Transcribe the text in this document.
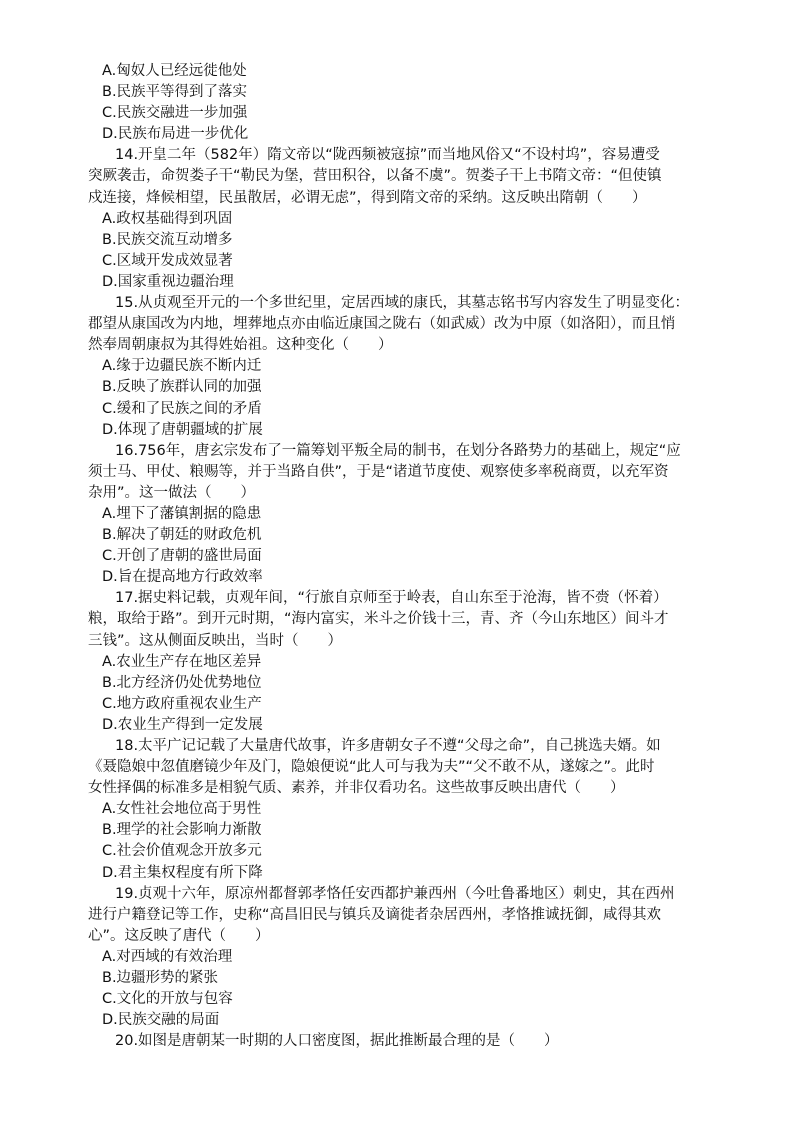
A.匈奴人已经远徙他处
B.民族平等得到了落实
C.民族交融进一步加强
D.民族布局进一步优化
14.开皇二年（582年）隋文帝以“陇西频被寇掠”而当地风俗又“不设村坞”，容易遭受
突厥袭击，命贺娄子干“勒民为堡，营田积谷，以备不虞”。贺娄子干上书隋文帝：“但使镇
戍连接，烽候相望，民虽散居，必谓无虑”，得到隋文帝的采纳。这反映出隋朝（　　）
A.政权基础得到巩固
B.民族交流互动增多
C.区域开发成效显著
D.国家重视边疆治理
15.从贞观至开元的一个多世纪里，定居西域的康氏，其墓志铭书写内容发生了明显变化：
郡望从康国改为内地，埋葬地点亦由临近康国之陇右（如武威）改为中原（如洛阳），而且悄
然奉周朝康叔为其得姓始祖。这种变化（　　）
A.缘于边疆民族不断内迁
B.反映了族群认同的加强
C.缓和了民族之间的矛盾
D.体现了唐朝疆域的扩展
16.756年，唐玄宗发布了一篇筹划平叛全局的制书，在划分各路势力的基础上，规定“应
须士马、甲仗、粮赐等，并于当路自供”，于是“诸道节度使、观察使多率税商贾，以充军资
杂用”。这一做法（　　）
A.埋下了藩镇割据的隐患
B.解决了朝廷的财政危机
C.开创了唐朝的盛世局面
D.旨在提高地方行政效率
17.据史料记载，贞观年间，“行旅自京师至于岭表，自山东至于沧海，皆不赍（怀着）
粮，取给于路”。到开元时期，“海内富实，米斗之价钱十三，青、齐（今山东地区）间斗才
三钱”。这从侧面反映出，当时（　　）
A.农业生产存在地区差异
B.北方经济仍处优势地位
C.地方政府重视农业生产
D.农业生产得到一定发展
18.太平广记记载了大量唐代故事，许多唐朝女子不遵“父母之命”，自己挑选夫婿。如
《聂隐娘中忽值磨镜少年及门，隐娘便说“此人可与我为夫”“父不敢不从，遂嫁之”。此时
女性择偶的标准多是相貌气质、素养，并非仅看功名。这些故事反映出唐代（　　）
A.女性社会地位高于男性
B.理学的社会影响力渐散
C.社会价值观念开放多元
D.君主集权程度有所下降
19.贞观十六年，原凉州都督郭孝恪任安西都护兼西州（今吐鲁番地区）刺史，其在西州
进行户籍登记等工作，史称“高昌旧民与镇兵及谪徙者杂居西州，孝恪推诚抚御，咸得其欢
心”。这反映了唐代（　　）
A.对西域的有效治理
B.边疆形势的紧张
C.文化的开放与包容
D.民族交融的局面
20.如图是唐朝某一时期的人口密度图，据此推断最合理的是（　　）
